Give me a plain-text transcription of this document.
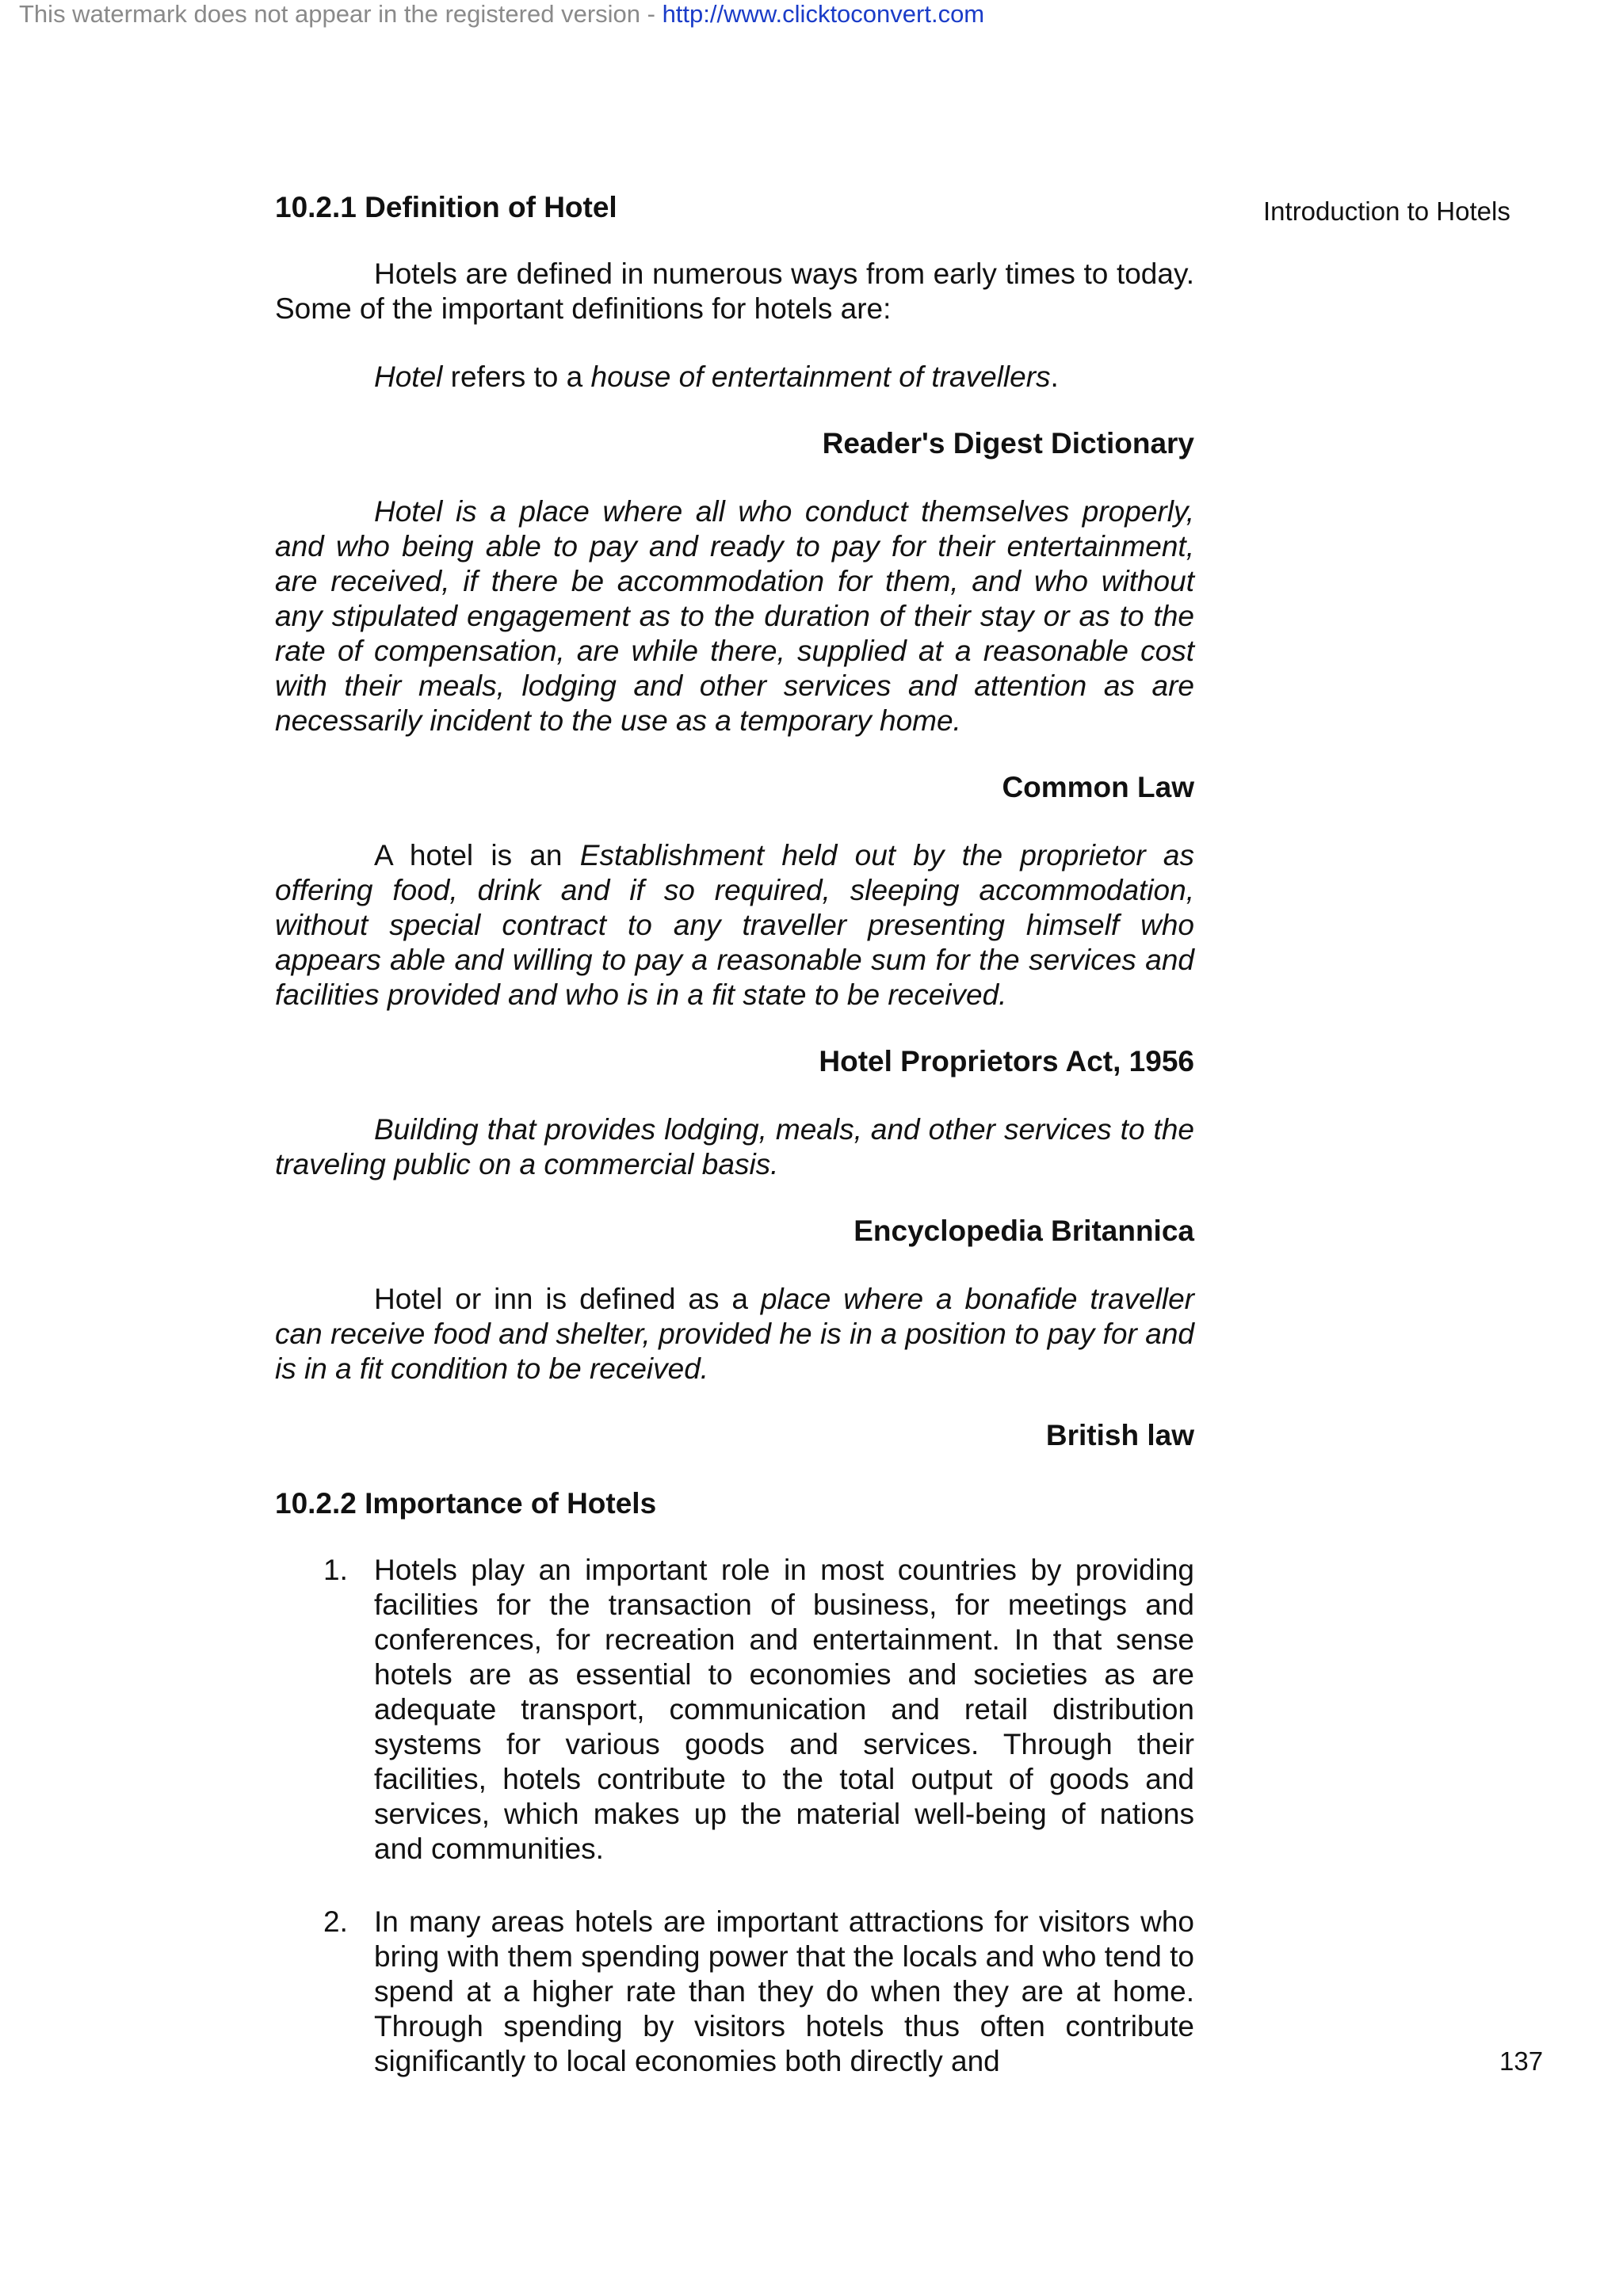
This watermark does not appear in the registered version - http://www.clicktoconvert.com
Introduction to Hotels

10.2.1 Definition of Hotel

Hotels are defined in numerous ways from early times to today. Some of the important definitions for hotels are:

Hotel refers to a house of entertainment of travellers.

Reader's Digest Dictionary

Hotel is a place where all who conduct themselves properly, and who being able to pay and ready to pay for their entertainment, are received, if there be accommodation for them, and who without any stipulated engagement as to the duration of their stay or as to the rate of compensation, are while there, supplied at a reasonable cost with their meals, lodging and other services and attention as are necessarily incident to the use as a temporary home.

Common Law

A hotel is an Establishment held out by the proprietor as offering food, drink and if so required, sleeping accommodation, without special contract to any traveller presenting himself who appears able and willing to pay a reasonable sum for the services and facilities provided and who is in a fit state to be received.

Hotel Proprietors Act, 1956

Building that provides lodging, meals, and other services to the traveling public on a commercial basis.

Encyclopedia Britannica

Hotel or inn is defined as a place where a bonafide traveller can receive food and shelter, provided he is in a position to pay for and is in a fit condition to be received.

British law

10.2.2 Importance of Hotels

1. Hotels play an important role in most countries by providing facilities for the transaction of business, for meetings and conferences, for recreation and entertainment. In that sense hotels are as essential to economies and societies as are adequate transport, communication and retail distribution systems for various goods and services. Through their facilities, hotels contribute to the total output of goods and services, which makes up the material well-being of nations and communities.
2. In many areas hotels are important attractions for visitors who bring with them spending power that the locals and who tend to spend at a higher rate than they do when they are at home. Through spending by visitors hotels thus often contribute significantly to local economies both directly and	137
